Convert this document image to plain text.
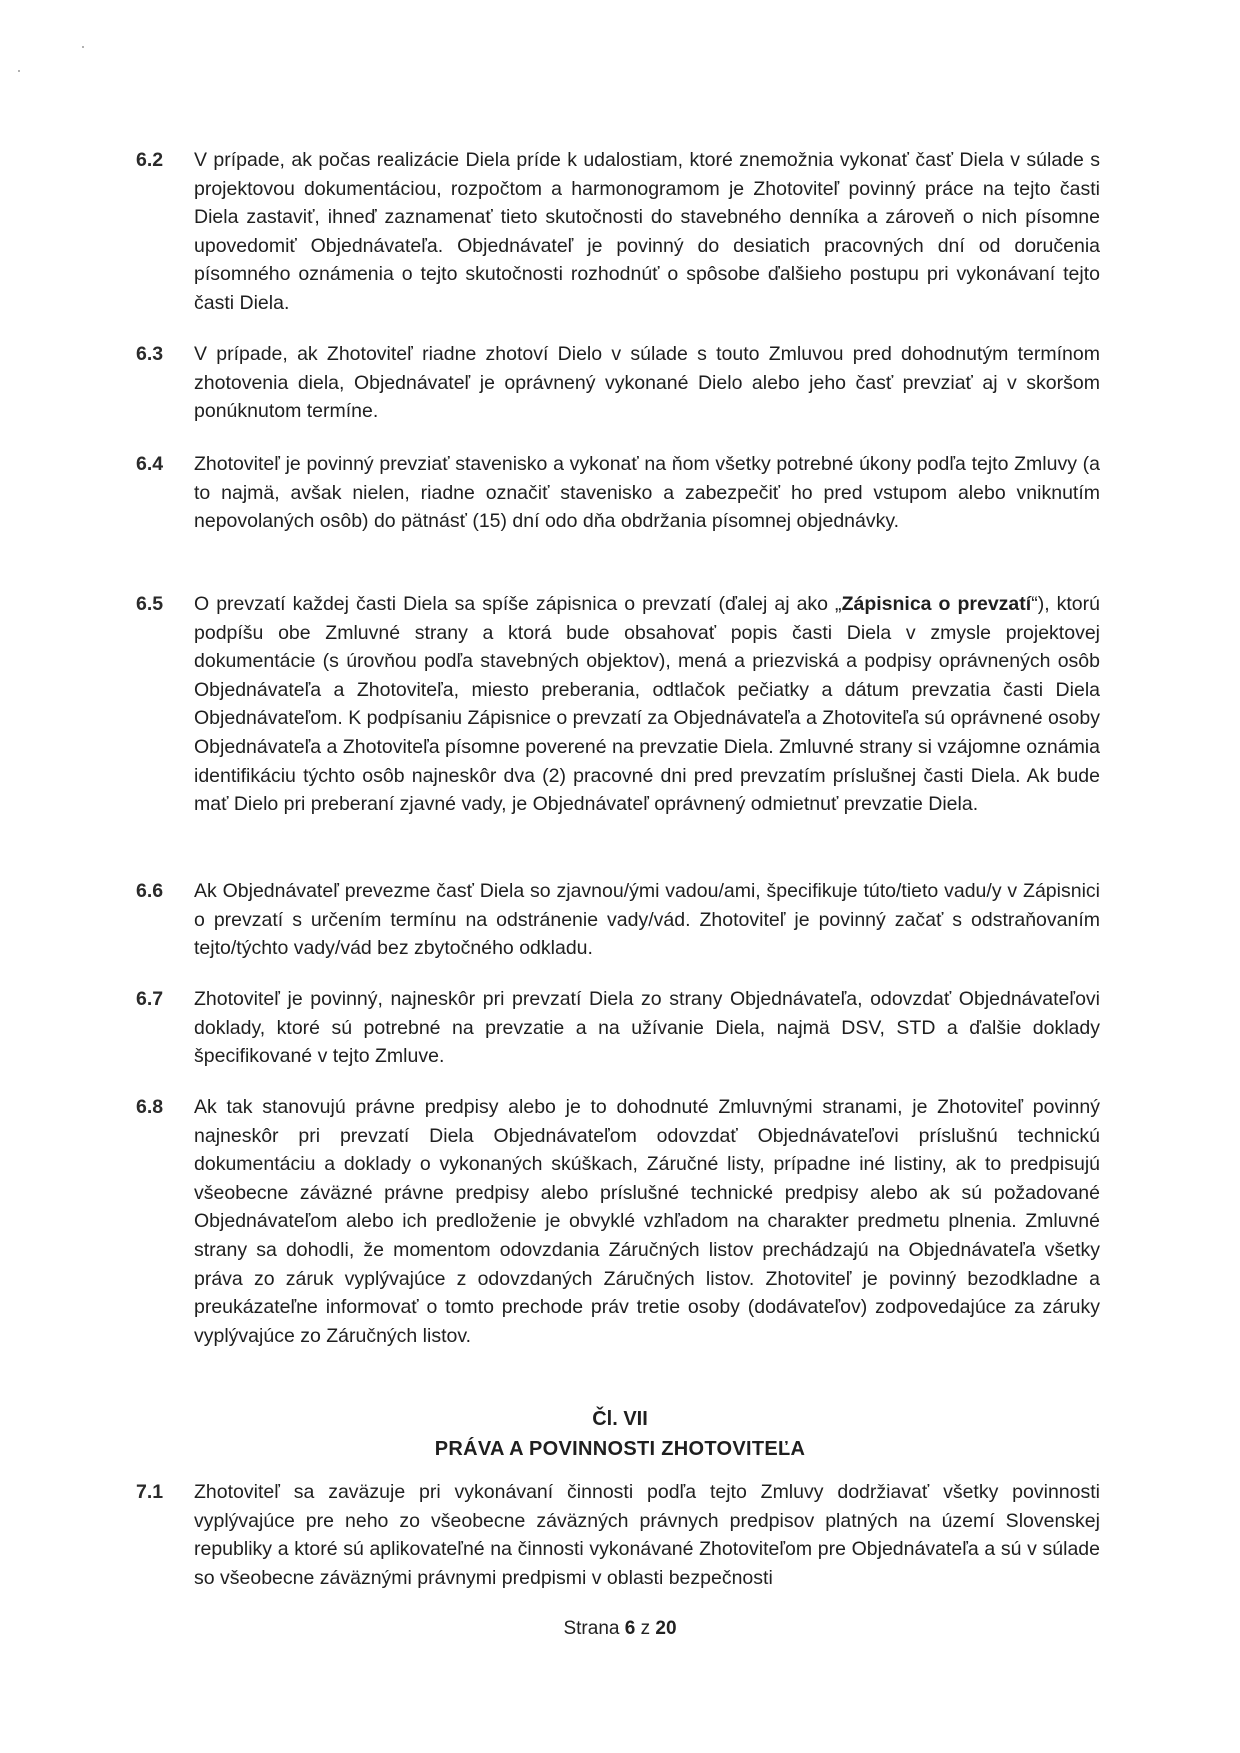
6.2	V prípade, ak počas realizácie Diela príde k udalostiam, ktoré znemožnia vykonať časť Diela v súlade s projektovou dokumentáciou, rozpočtom a harmonogramom je Zhotoviteľ povinný práce na tejto časti Diela zastaviť, ihneď zaznamenať tieto skutočnosti do stavebného denníka a zároveň o nich písomne upovedomiť Objednávateľa. Objednávateľ je povinný do desiatich pracovných dní od doručenia písomného oznámenia o tejto skutočnosti rozhodnúť o spôsobe ďalšieho postupu pri vykonávaní tejto časti Diela.
6.3	V prípade, ak Zhotoviteľ riadne zhotoví Dielo v súlade s touto Zmluvou pred dohodnutým termínom zhotovenia diela, Objednávateľ je oprávnený vykonané Dielo alebo jeho časť prevziať aj v skoršom ponúknutom termíne.
6.4	Zhotoviteľ je povinný prevziať stavenisko a vykonať na ňom všetky potrebné úkony podľa tejto Zmluvy (a to najmä, avšak nielen, riadne označiť stavenisko a zabezpečiť ho pred vstupom alebo vniknutím nepovolaných osôb) do pätnásť (15) dní odo dňa obdržania písomnej objednávky.
6.5	O prevzatí každej časti Diela sa spíše zápisnica o prevzatí (ďalej aj ako „Zápisnica o prevzatí“), ktorú podpíšu obe Zmluvné strany a ktorá bude obsahovať popis časti Diela v zmysle projektovej dokumentácie (s úrovňou podľa stavebných objektov), mená a priezviská a podpisy oprávnených osôb Objednávateľa a Zhotoviteľa, miesto preberania, odtlačok pečiatky a dátum prevzatia časti Diela Objednávateľom. K podpísaniu Zápisnice o prevzatí za Objednávateľa a Zhotoviteľa sú oprávnené osoby Objednávateľa a Zhotoviteľa písomne poverené na prevzatie Diela. Zmluvné strany si vzájomne oznámia identifikáciu týchto osôb najneskôr dva (2) pracovné dni pred prevzatím príslušnej časti Diela. Ak bude mať Dielo pri preberaní zjavné vady, je Objednávateľ oprávnený odmietnuť prevzatie Diela.
6.6	Ak Objednávateľ prevezme časť Diela so zjavnou/ými vadou/ami, špecifikuje túto/tieto vadu/y v Zápisnici o prevzatí s určením termínu na odstránenie vady/vád. Zhotoviteľ je povinný začať s odstraňovaním tejto/týchto vady/vád bez zbytočného odkladu.
6.7	Zhotoviteľ je povinný, najneskôr pri prevzatí Diela zo strany Objednávateľa, odovzdať Objednávateľovi doklady, ktoré sú potrebné na prevzatie a na užívanie Diela, najmä DSV, STD a ďalšie doklady špecifikované v tejto Zmluve.
6.8	Ak tak stanovujú právne predpisy alebo je to dohodnuté Zmluvnými stranami, je Zhotoviteľ povinný najneskôr pri prevzatí Diela Objednávateľom odovzdať Objednávateľovi príslušnú technickú dokumentáciu a doklady o vykonaných skúškach, Záručné listy, prípadne iné listiny, ak to predpisujú všeobecne záväzné právne predpisy alebo príslušné technické predpisy alebo ak sú požadované Objednávateľom alebo ich predloženie je obvyklé vzhľadom na charakter predmetu plnenia. Zmluvné strany sa dohodli, že momentom odovzdania Záručných listov prechádzajú na Objednávateľa všetky práva zo záruk vyplývajúce z odovzdaných Záručných listov. Zhotoviteľ je povinný bezodkladne a preukázateľne informovať o tomto prechode práv tretie osoby (dodávateľov) zodpovedajúce za záruky vyplývajúce zo Záručných listov.
Čl. VII
PRÁVA A POVINNOSTI ZHOTOVITEĽA
7.1	Zhotoviteľ sa zaväzuje pri vykonávaní činnosti podľa tejto Zmluvy dodržiavať všetky povinnosti vyplývajúce pre neho zo všeobecne záväzných právnych predpisov platných na území Slovenskej republiky a ktoré sú aplikovateľné na činnosti vykonávané Zhotoviteľom pre Objednávateľa a sú v súlade so všeobecne záväznými právnymi predpismi v oblasti bezpečnosti
Strana 6 z 20
